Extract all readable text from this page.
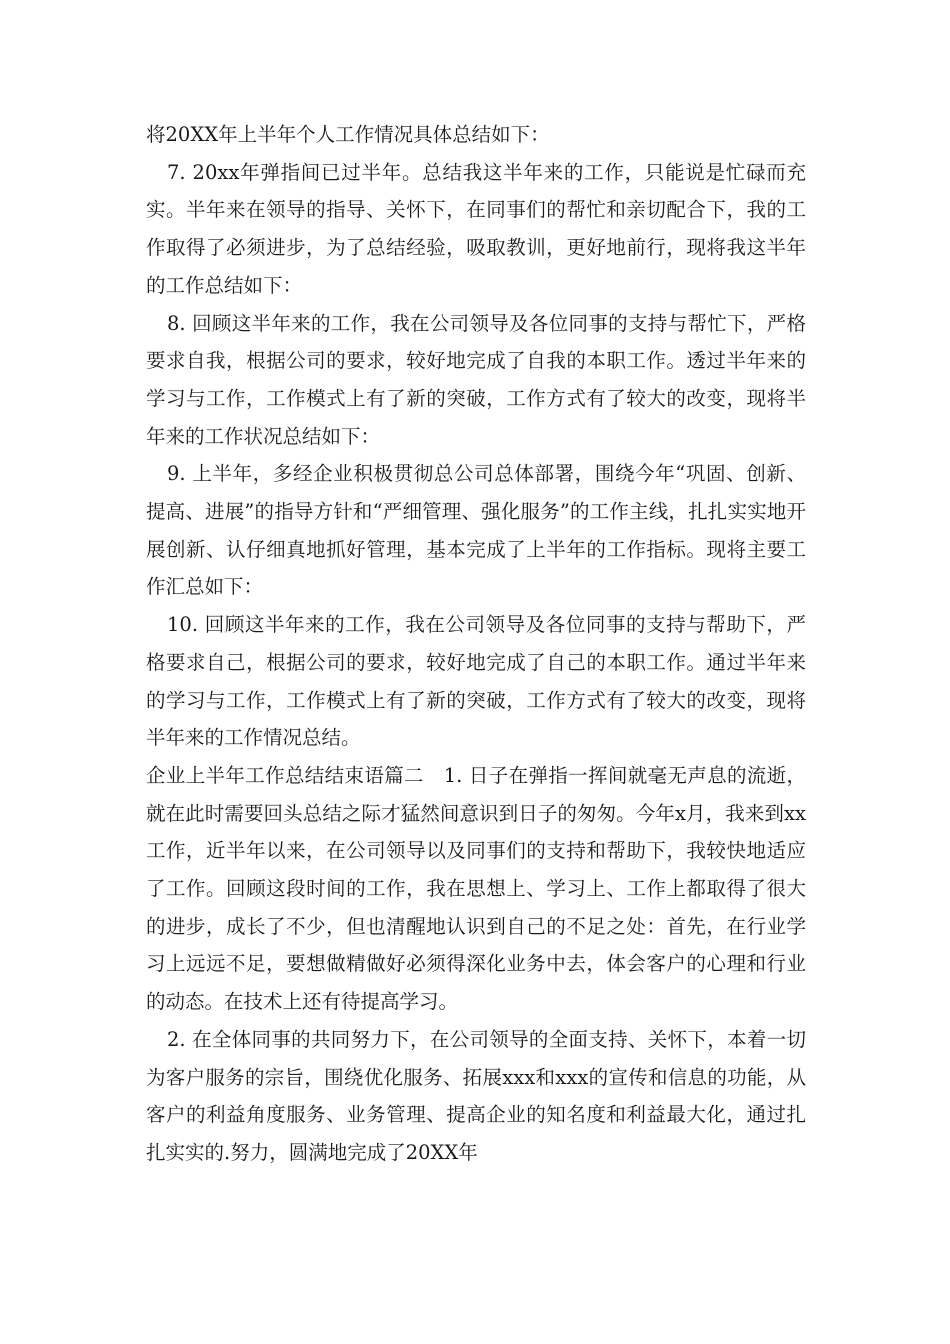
将20XX年上半年个人工作情况具体总结如下：

7. 20xx年弹指间已过半年。总结我这半年来的工作，只能说是忙碌而充实。半年来在领导的指导、关怀下，在同事们的帮忙和亲切配合下，我的工作取得了必须进步，为了总结经验，吸取教训，更好地前行，现将我这半年的工作总结如下：

8. 回顾这半年来的工作，我在公司领导及各位同事的支持与帮忙下，严格要求自我，根据公司的要求，较好地完成了自我的本职工作。透过半年来的学习与工作，工作模式上有了新的突破，工作方式有了较大的改变，现将半年来的工作状况总结如下：

9. 上半年，多经企业积极贯彻总公司总体部署，围绕今年“巩固、创新、提高、进展”的指导方针和“严细管理、强化服务”的工作主线，扎扎实实地开展创新、认仔细真地抓好管理，基本完成了上半年的工作指标。现将主要工作汇总如下：

10. 回顾这半年来的工作，我在公司领导及各位同事的支持与帮助下，严格要求自己，根据公司的要求，较好地完成了自己的本职工作。通过半年来的学习与工作，工作模式上有了新的突破，工作方式有了较大的改变，现将半年来的工作情况总结。

企业上半年工作总结结束语篇二　1. 日子在弹指一挥间就毫无声息的流逝，就在此时需要回头总结之际才猛然间意识到日子的匆匆。今年x月，我来到xx工作，近半年以来，在公司领导以及同事们的支持和帮助下，我较快地适应了工作。回顾这段时间的工作，我在思想上、学习上、工作上都取得了很大的进步，成长了不少，但也清醒地认识到自己的不足之处：首先，在行业学习上远远不足，要想做精做好必须得深化业务中去，体会客户的心理和行业的动态。在技术上还有待提高学习。

2. 在全体同事的共同努力下，在公司领导的全面支持、关怀下，本着一切为客户服务的宗旨，围绕优化服务、拓展xxx和xxx的宣传和信息的功能，从客户的利益角度服务、业务管理、提高企业的知名度和利益最大化，通过扎扎实实的.努力，圆满地完成了20XX年
